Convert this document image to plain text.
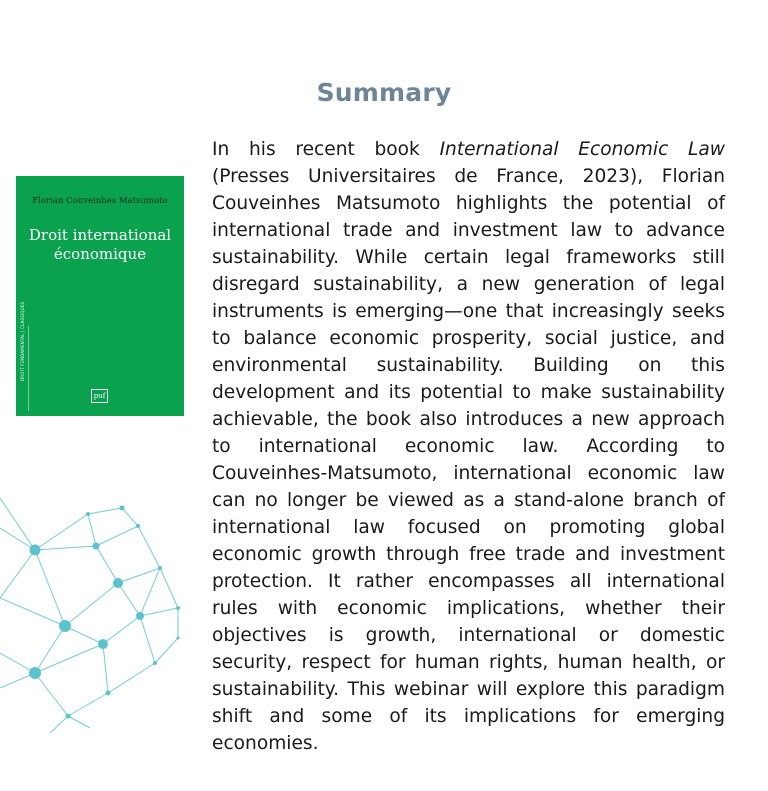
Summary
Florian Couveinhes Matsumoto
Droit international
économique
DROIT FONDAMENTAL | CLASSIQUES
puf

In his recent book International Economic Law (Presses Universitaires de France, 2023), Florian Couveinhes Matsumoto highlights the potential of international trade and investment law to advance sustainability. While certain legal frameworks still disregard sustainability, a new generation of legal instruments is emerging—one that increasingly seeks to balance economic prosperity, social justice, and environmental sustainability. Building on this development and its potential to make sustainability achievable, the book also introduces a new approach to international economic law. According to Couveinhes-Matsumoto, international economic law can no longer be viewed as a stand-alone branch of international law focused on promoting global economic growth through free trade and investment protection. It rather encompasses all international rules with economic implications, whether their objectives is growth, international or domestic security, respect for human rights, human health, or sustainability. This webinar will explore this paradigm shift and some of its implications for emerging economies.
